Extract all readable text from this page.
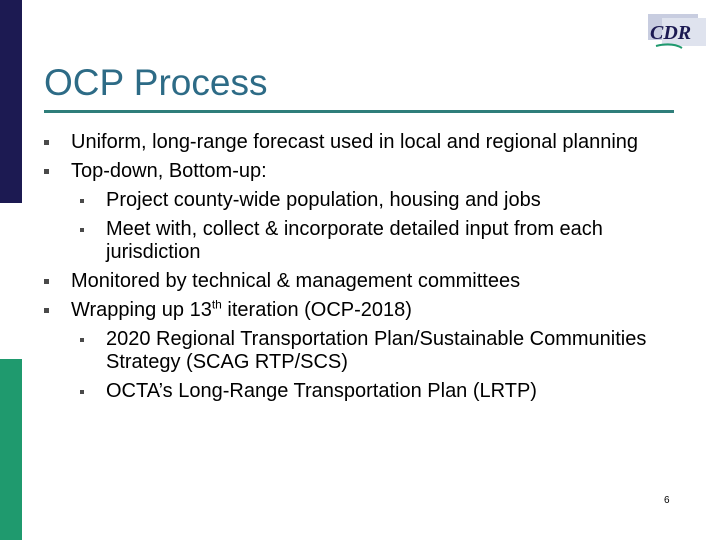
CDR
OCP Process
Uniform, long-range forecast used in local and regional planning
Top-down, Bottom-up:
Project county-wide population, housing and jobs
Meet with, collect & incorporate detailed input from each jurisdiction
Monitored by technical & management committees
Wrapping up 13th iteration (OCP-2018)
2020 Regional Transportation Plan/Sustainable Communities Strategy (SCAG RTP/SCS)
OCTA’s Long-Range Transportation Plan (LRTP)
6
